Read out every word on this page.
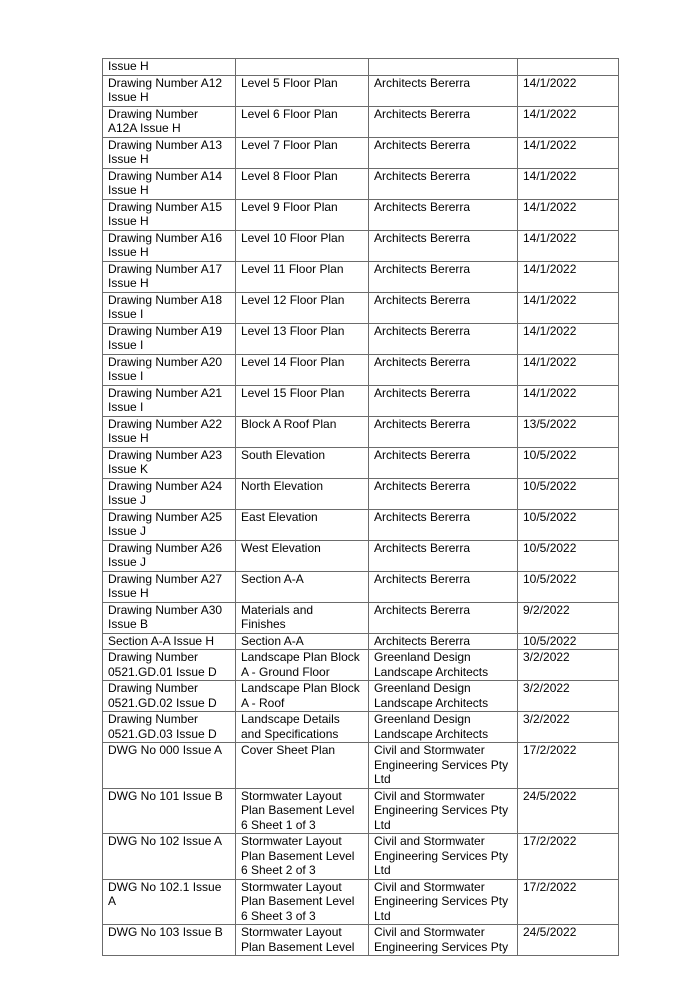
Issue H			

Drawing Number A12
Issue H	Level 5 Floor Plan	Architects Bererra	14/1/2022

Drawing Number
A12A Issue H	Level 6 Floor Plan	Architects Bererra	14/1/2022

Drawing Number A13
Issue H	Level 7 Floor Plan	Architects Bererra	14/1/2022

Drawing Number A14
Issue H	Level 8 Floor Plan	Architects Bererra	14/1/2022

Drawing Number A15
Issue H	Level 9 Floor Plan	Architects Bererra	14/1/2022

Drawing Number A16
Issue H	Level 10 Floor Plan	Architects Bererra	14/1/2022

Drawing Number A17
Issue H	Level 11 Floor Plan	Architects Bererra	14/1/2022

Drawing Number A18
Issue I	Level 12 Floor Plan	Architects Bererra	14/1/2022

Drawing Number A19
Issue I	Level 13 Floor Plan	Architects Bererra	14/1/2022

Drawing Number A20
Issue I	Level 14 Floor Plan	Architects Bererra	14/1/2022

Drawing Number A21
Issue I	Level 15 Floor Plan	Architects Bererra	14/1/2022

Drawing Number A22
Issue H	Block A Roof Plan	Architects Bererra	13/5/2022

Drawing Number A23
Issue K	South Elevation	Architects Bererra	10/5/2022

Drawing Number A24
Issue J	North Elevation	Architects Bererra	10/5/2022

Drawing Number A25
Issue J	East Elevation	Architects Bererra	10/5/2022

Drawing Number A26
Issue J	West Elevation	Architects Bererra	10/5/2022

Drawing Number A27
Issue H	Section A-A	Architects Bererra	10/5/2022

Drawing Number A30
Issue B	Materials and
Finishes	Architects Bererra	9/2/2022

Section A-A Issue H	Section A-A	Architects Bererra	10/5/2022

Drawing Number
0521.GD.01 Issue D	Landscape Plan Block
A - Ground Floor	Greenland Design
Landscape Architects	3/2/2022

Drawing Number
0521.GD.02 Issue D	Landscape Plan Block
A - Roof	Greenland Design
Landscape Architects	3/2/2022

Drawing Number
0521.GD.03 Issue D	Landscape Details
and Specifications	Greenland Design
Landscape Architects	3/2/2022

DWG No 000 Issue A	Cover Sheet Plan	Civil and Stormwater
Engineering Services Pty
Ltd	17/2/2022

DWG No 101 Issue B	Stormwater Layout
Plan Basement Level
6 Sheet 1 of 3	Civil and Stormwater
Engineering Services Pty
Ltd	24/5/2022

DWG No 102 Issue A	Stormwater Layout
Plan Basement Level
6 Sheet 2 of 3	Civil and Stormwater
Engineering Services Pty
Ltd	17/2/2022

DWG No 102.1 Issue
A	Stormwater Layout
Plan Basement Level
6 Sheet 3 of 3	Civil and Stormwater
Engineering Services Pty
Ltd	17/2/2022

DWG No 103 Issue B	Stormwater Layout
Plan Basement Level	Civil and Stormwater
Engineering Services Pty	24/5/2022
